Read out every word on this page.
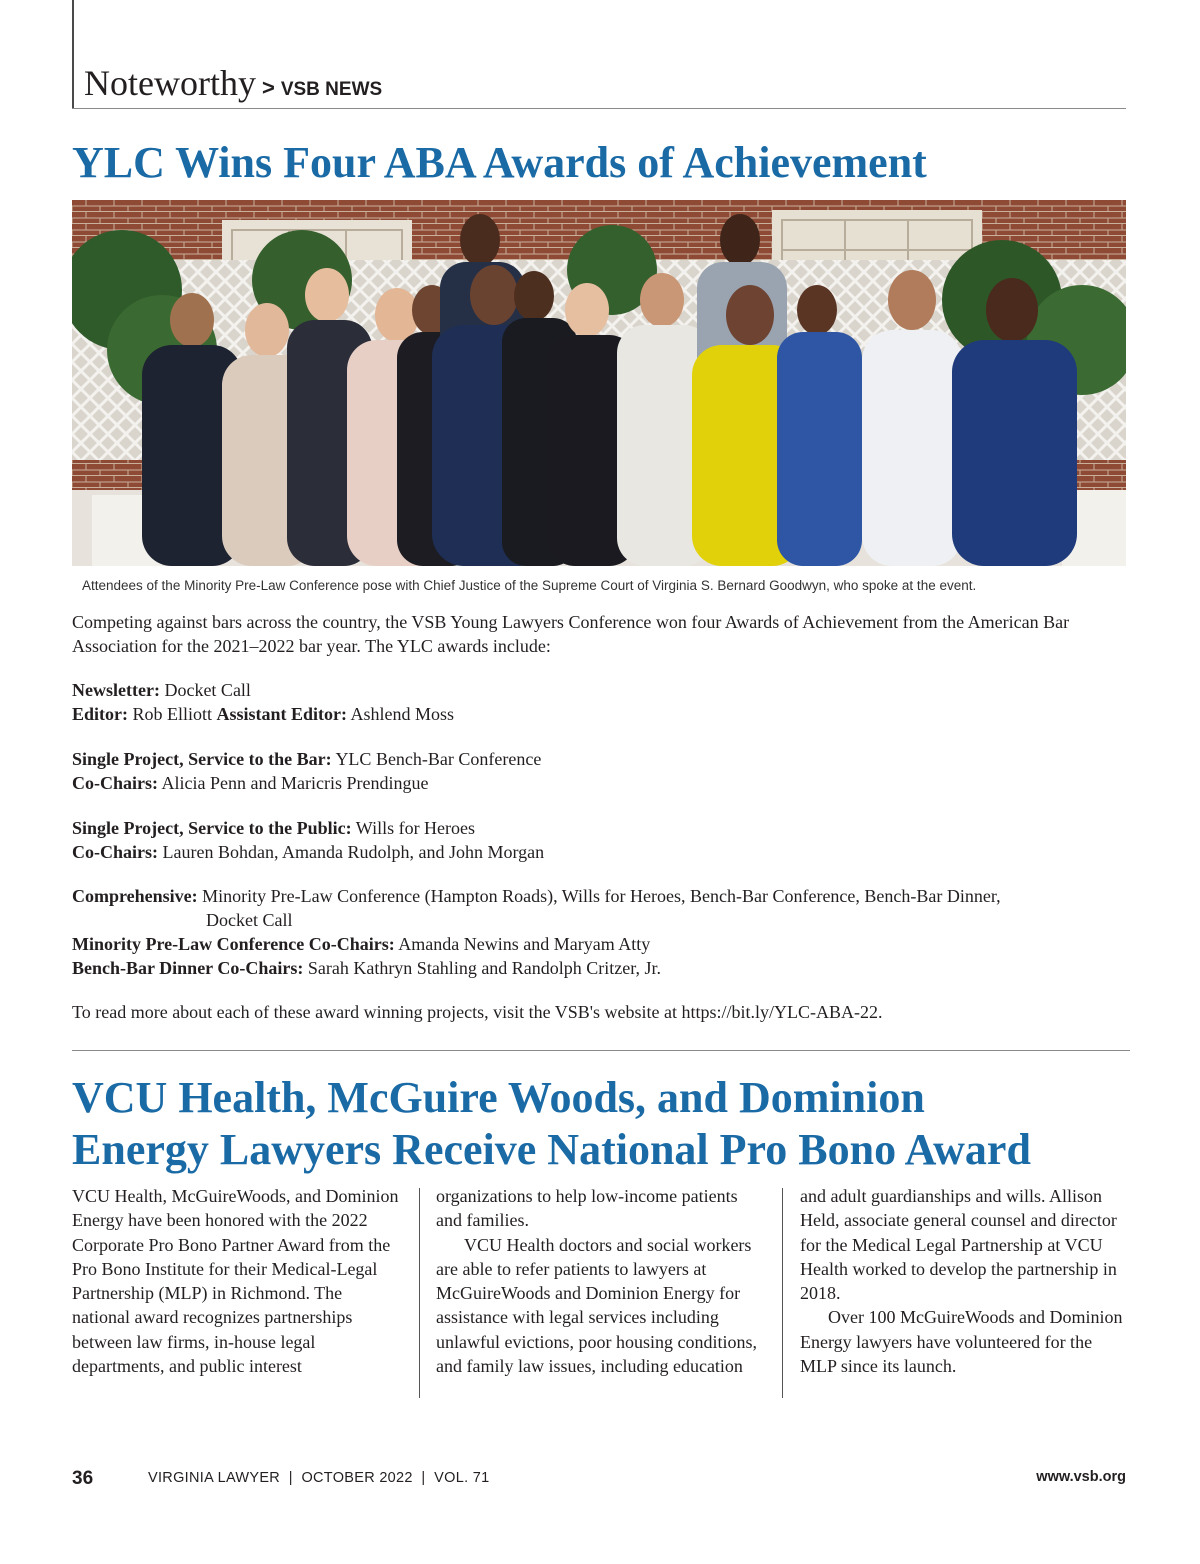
Noteworthy > VSB NEWS
YLC Wins Four ABA Awards of Achievement
Attendees of the Minority Pre-Law Conference pose with Chief Justice of the Supreme Court of Virginia S. Bernard Goodwyn, who spoke at the event.

Competing against bars across the country, the VSB Young Lawyers Conference won four Awards of Achievement from the American Bar Association for the 2021–2022 bar year. The YLC awards include:

Newsletter: Docket Call

Editor: Rob Elliott Assistant Editor: Ashlend Moss

Single Project, Service to the Bar: YLC Bench-Bar Conference

Co-Chairs: Alicia Penn and Maricris Prendingue

Single Project, Service to the Public: Wills for Heroes

Co-Chairs: Lauren Bohdan, Amanda Rudolph, and John Morgan

Comprehensive: Minority Pre-Law Conference (Hampton Roads), Wills for Heroes, Bench-Bar Conference, Bench-Bar Dinner,

Docket Call

Minority Pre-Law Conference Co-Chairs: Amanda Newins and Maryam Atty

Bench-Bar Dinner Co-Chairs: Sarah Kathryn Stahling and Randolph Critzer, Jr.

To read more about each of these award winning projects, visit the VSB's website at https://bit.ly/YLC-ABA-22.

VCU Health, McGuire Woods, and Dominion
Energy Lawyers Receive National Pro Bono Award

VCU Health, McGuireWoods, and Dominion Energy have been honored with the 2022 Corporate Pro Bono Partner Award from the Pro Bono Institute for their Medical-Legal Partnership (MLP) in Richmond. The national award recognizes partnerships between law firms, in-house legal departments, and public interest

organizations to help low-income patients and families.

VCU Health doctors and social workers are able to refer patients to lawyers at McGuireWoods and Dominion Energy for assistance with legal services including unlawful evictions, poor housing conditions, and family law issues, including education

and adult guardianships and wills. Allison Held, associate general counsel and director for the Medical Legal Partnership at VCU Health worked to develop the partnership in 2018.

Over 100 McGuireWoods and Dominion Energy lawyers have volunteered for the MLP since its launch.

36	VIRGINIA LAWYER  |  OCTOBER 2022  |  VOL. 71	www.vsb.org
